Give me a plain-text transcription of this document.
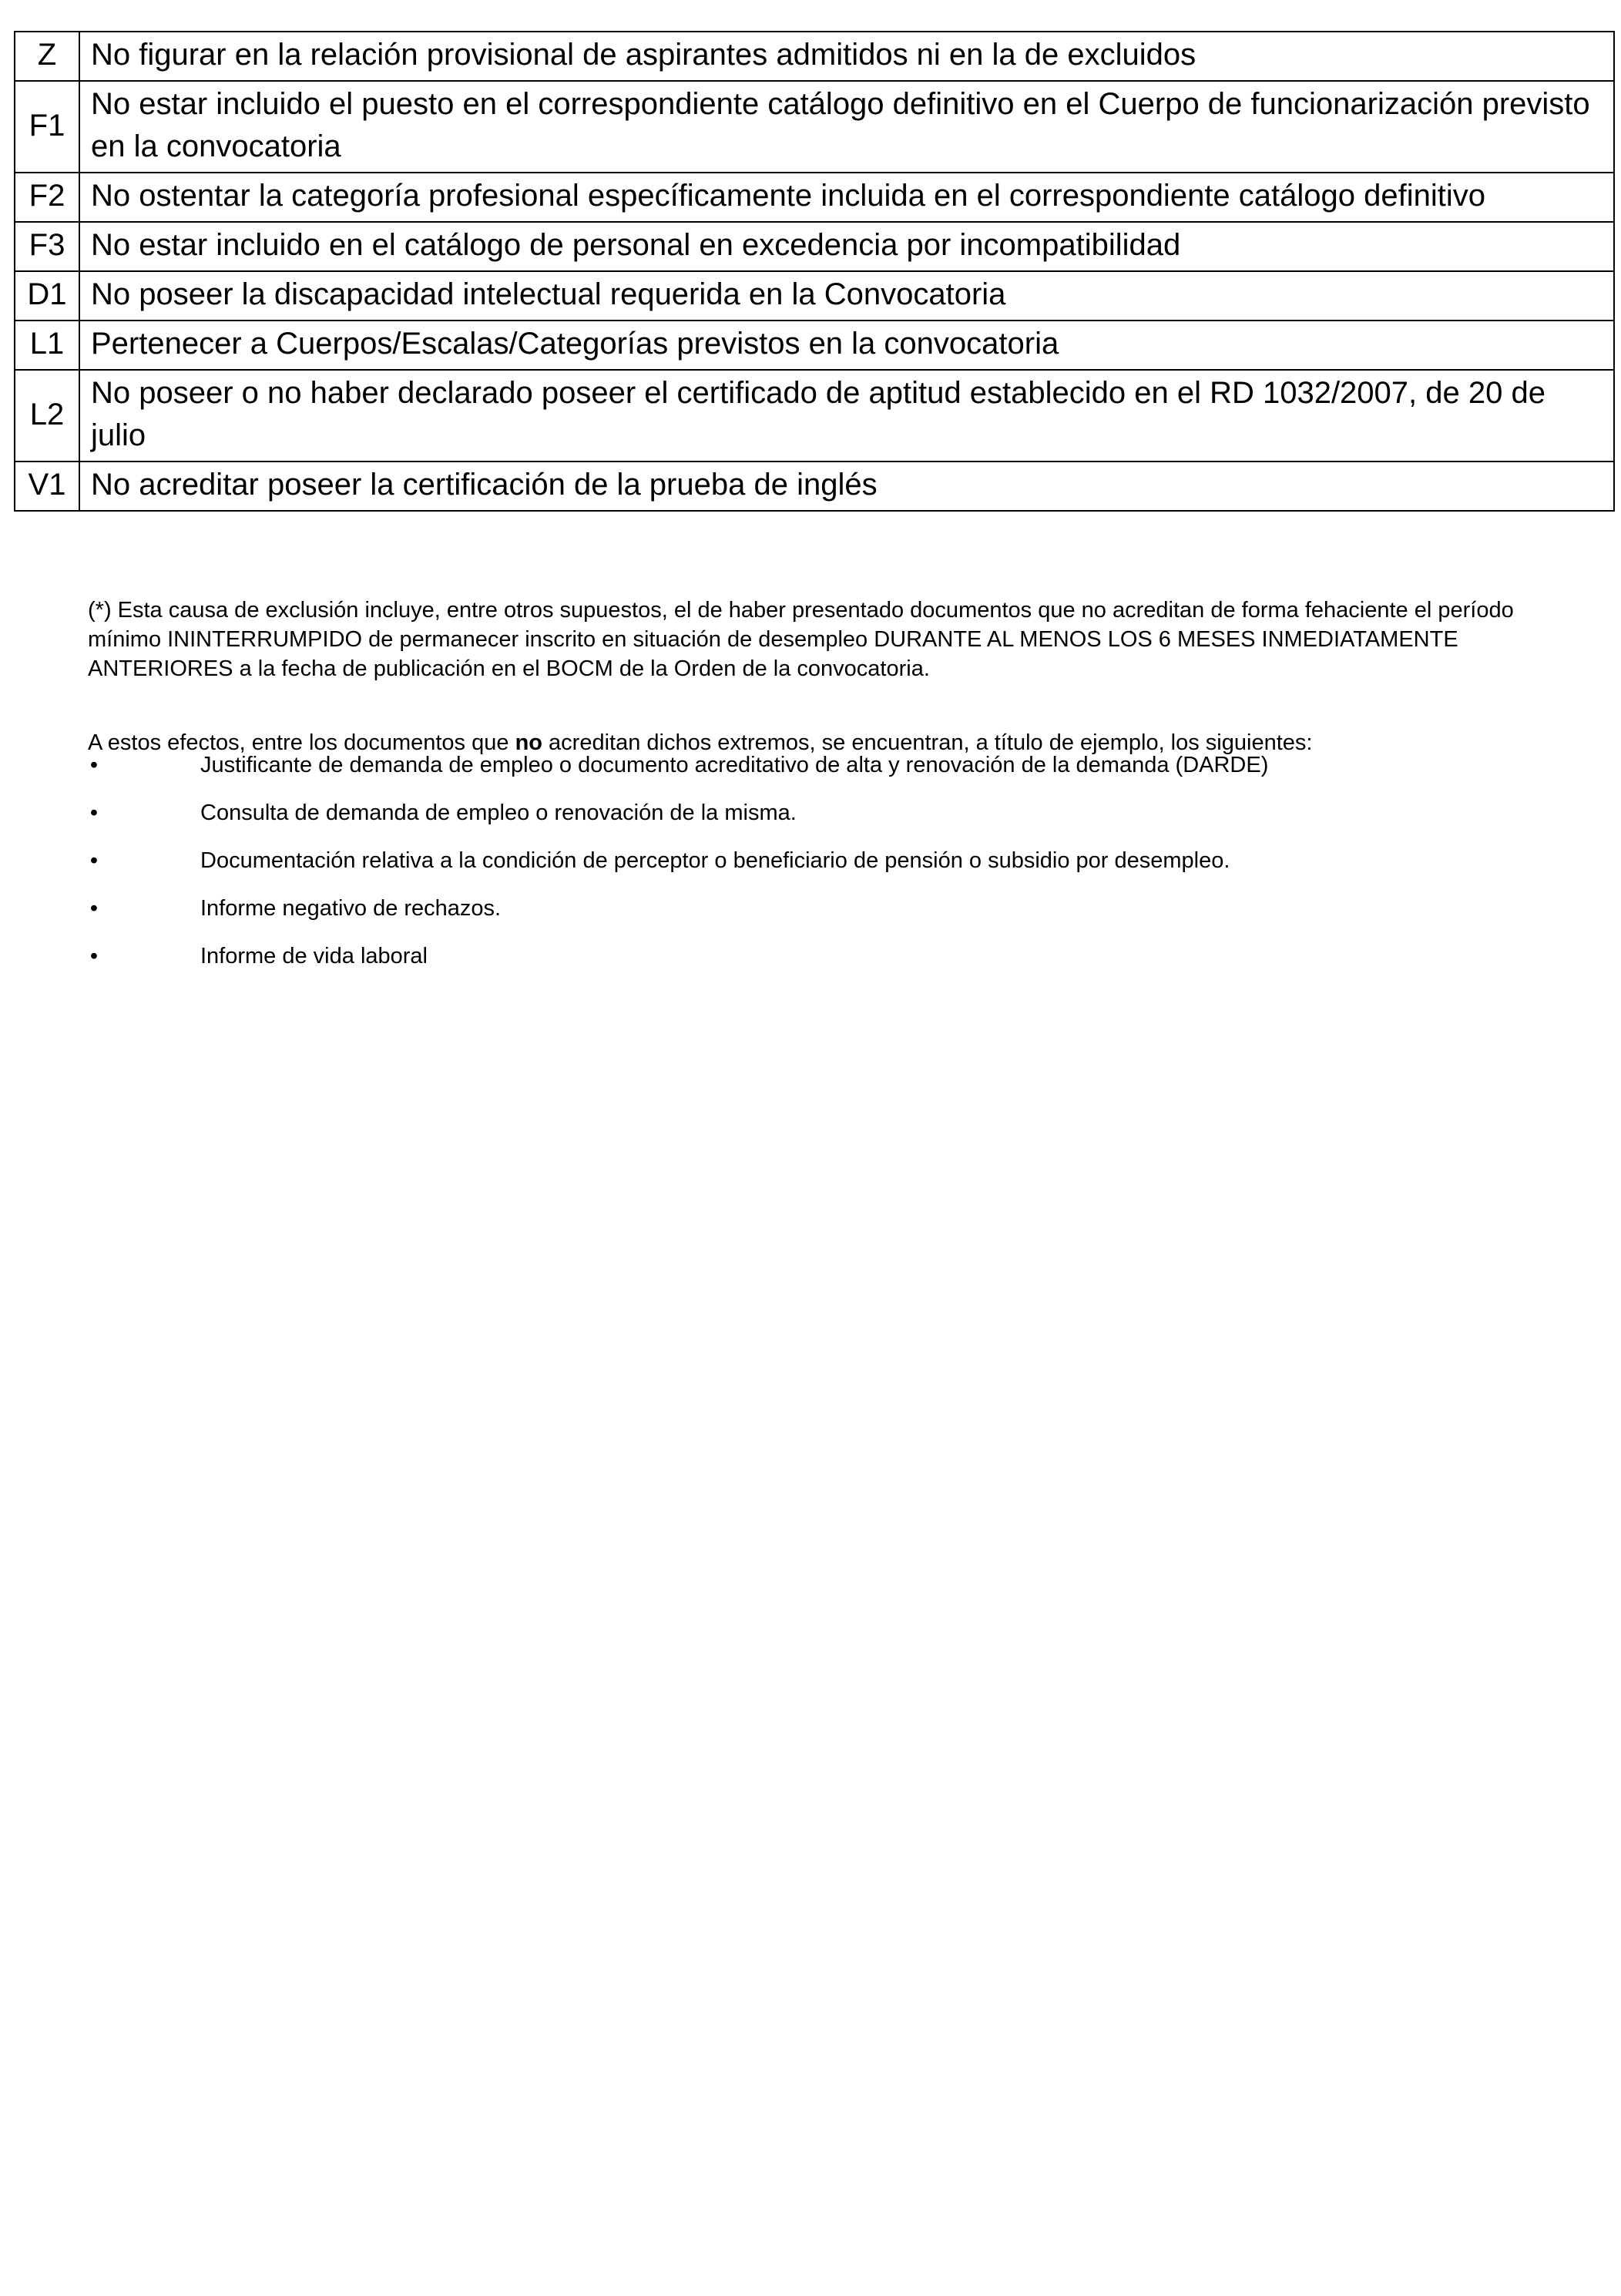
Z	No figurar en la relación provisional de aspirantes admitidos ni en la de excluidos
F1	No estar incluido el puesto en el correspondiente catálogo definitivo en el Cuerpo de funcionarización previsto en la convocatoria
F2	No ostentar la categoría profesional específicamente incluida en el correspondiente catálogo definitivo
F3	No estar incluido en el catálogo de personal en excedencia por incompatibilidad
D1	No poseer la discapacidad intelectual requerida en la Convocatoria
L1	Pertenecer a Cuerpos/Escalas/Categorías previstos en la convocatoria
L2	No poseer o no haber declarado poseer el certificado de aptitud establecido en el RD 1032/2007, de 20 de julio
V1	No acreditar poseer la certificación de la prueba de inglés

(*) Esta causa de exclusión incluye, entre otros supuestos, el de haber presentado documentos que no acreditan de forma fehaciente el período mínimo ININTERRUMPIDO de permanecer inscrito en situación de desempleo DURANTE AL MENOS LOS 6 MESES INMEDIATAMENTE ANTERIORES a la fecha de publicación en el BOCM de la Orden de la convocatoria.

A estos efectos, entre los documentos que no acreditan dichos extremos, se encuentran, a título de ejemplo, los siguientes:

•	Justificante de demanda de empleo o documento acreditativo de alta y renovación de la demanda (DARDE)
•	Consulta de demanda de empleo o renovación de la misma.
•	Documentación relativa a la condición de perceptor o beneficiario de pensión o subsidio por desempleo.
•	Informe negativo de rechazos.
•	Informe de vida laboral
